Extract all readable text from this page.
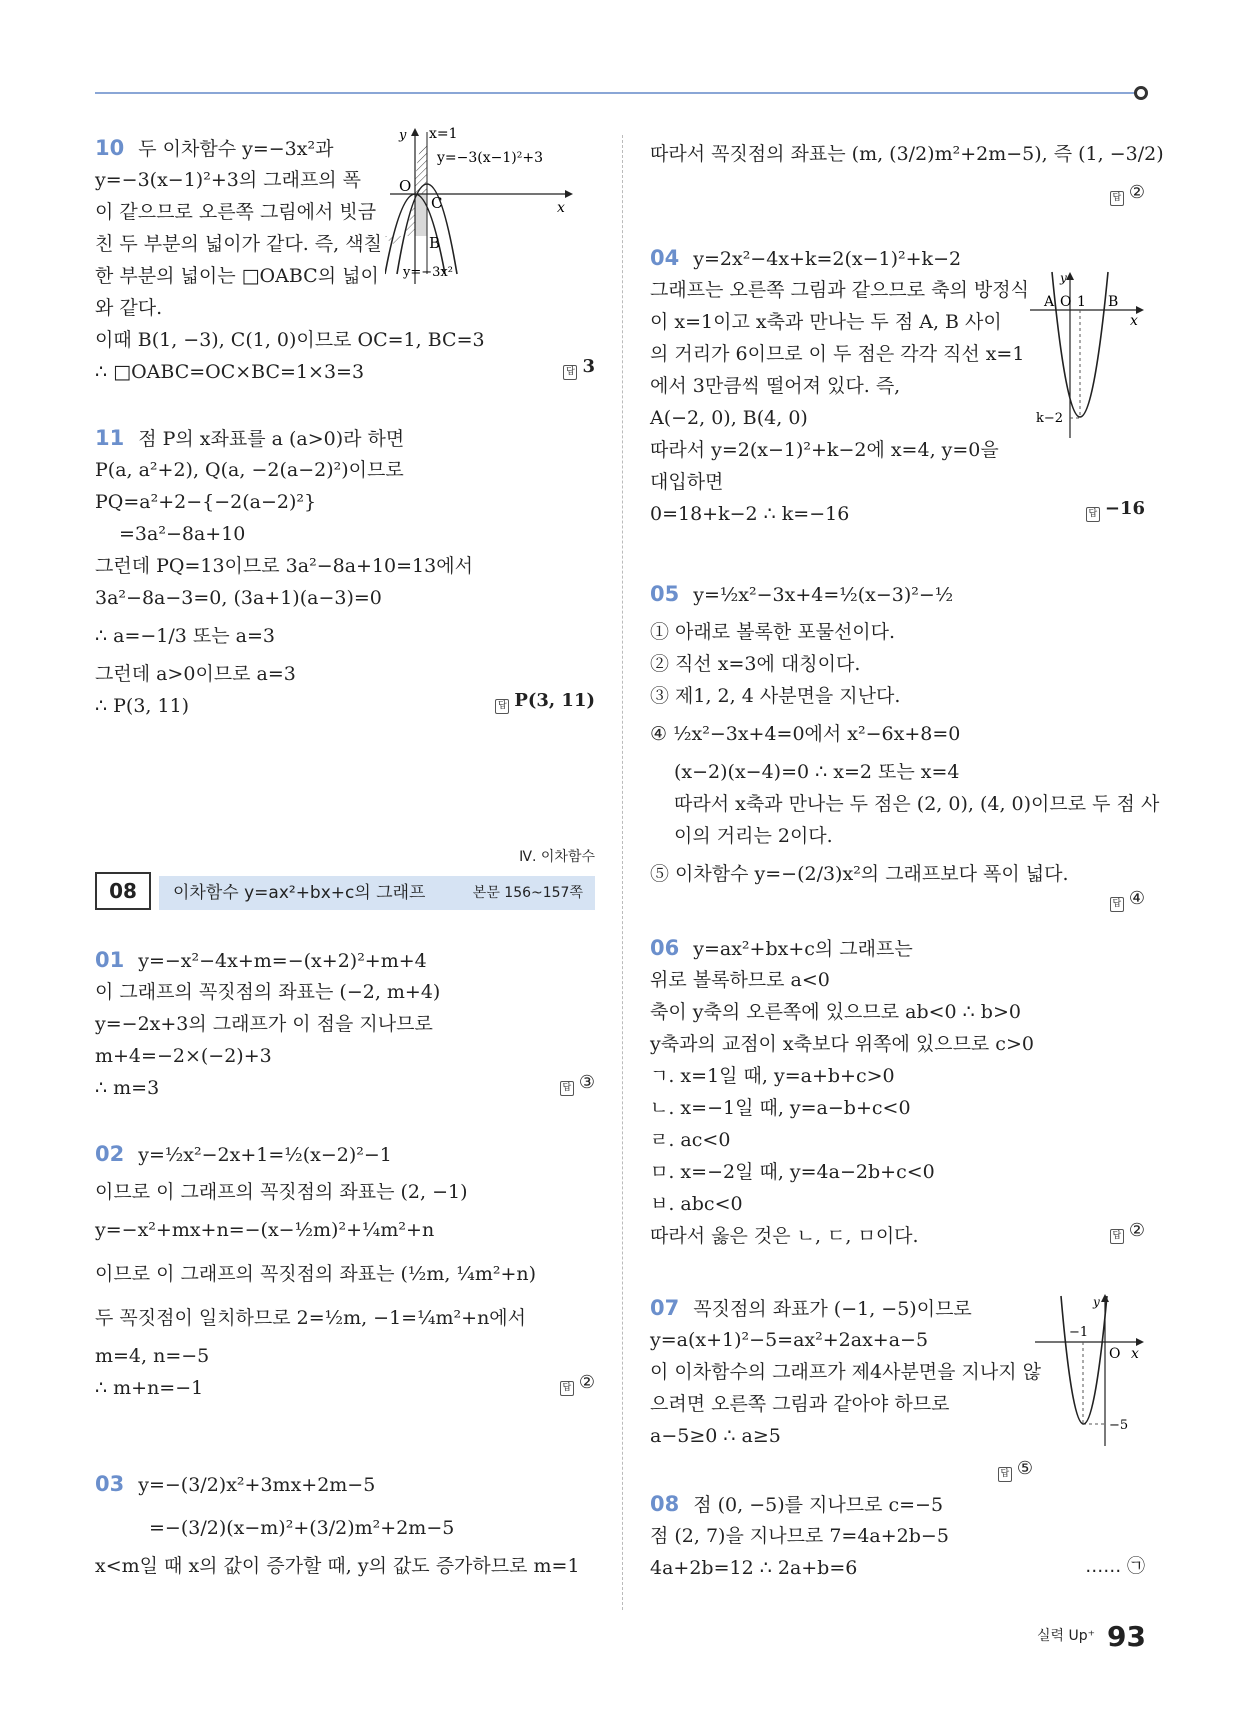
10 두 이차함수 y=−3x²과
y=−3(x−1)²+3의 그래프의 폭
이 같으므로 오른쪽 그림에서 빗금
친 두 부분의 넓이가 같다. 즉, 색칠
한 부분의 넓이는 □OABC의 넓이
와 같다.
이때 B(1, −3), C(1, 0)이므로 OC=1, BC=3
∴ □OABC=OC×BC=1×3=3	답 3
y x=1
y=−3(x−1)²+3
O
C	x
B
y=−3x²
11 점 P의 x좌표를 a (a>0)라 하면
P(a, a²+2), Q(a, −2(a−2)²)이므로
PQ=a²+2−{−2(a−2)²}
=3a²−8a+10
그런데 PQ=13이므로 3a²−8a+10=13에서
3a²−8a−3=0, (3a+1)(a−3)=0
∴ a=−1/3 또는 a=3
그런데 a>0이므로 a=3
∴ P(3, 11)	답 P(3, 11)
Ⅳ. 이차함수
08	이차함수 y=ax²+bx+c의 그래프	본문 156~157쪽
01 y=−x²−4x+m=−(x+2)²+m+4
이 그래프의 꼭짓점의 좌표는 (−2, m+4)
y=−2x+3의 그래프가 이 점을 지나므로
m+4=−2×(−2)+3
∴ m=3	답 ③
02 y=½x²−2x+1=½(x−2)²−1
이므로 이 그래프의 꼭짓점의 좌표는 (2, −1)
y=−x²+mx+n=−(x−½m)²+¼m²+n
이므로 이 그래프의 꼭짓점의 좌표는 (½m, ¼m²+n)
두 꼭짓점이 일치하므로 2=½m, −1=¼m²+n에서
m=4, n=−5
∴ m+n=−1	답 ②
03 y=−(3/2)x²+3mx+2m−5
=−(3/2)(x−m)²+(3/2)m²+2m−5
x<m일 때 x의 값이 증가할 때, y의 값도 증가하므로 m=1
따라서 꼭짓점의 좌표는 (m, (3/2)m²+2m−5), 즉 (1, −3/2)
답 ②
04 y=2x²−4x+k=2(x−1)²+k−2
그래프는 오른쪽 그림과 같으므로 축의 방정식
이 x=1이고 x축과 만나는 두 점 A, B 사이
의 거리가 6이므로 이 두 점은 각각 직선 x=1
에서 3만큼씩 떨어져 있다. 즉,
A(−2, 0), B(4, 0)
따라서 y=2(x−1)²+k−2에 x=4, y=0을
대입하면
0=18+k−2 ∴ k=−16	답 −16
y
A O 1 B
x
k−2
05 y=½x²−3x+4=½(x−3)²−½
① 아래로 볼록한 포물선이다.
② 직선 x=3에 대칭이다.
③ 제1, 2, 4 사분면을 지난다.
④ ½x²−3x+4=0에서 x²−6x+8=0
(x−2)(x−4)=0 ∴ x=2 또는 x=4
따라서 x축과 만나는 두 점은 (2, 0), (4, 0)이므로 두 점 사
이의 거리는 2이다.
⑤ 이차함수 y=−(2/3)x²의 그래프보다 폭이 넓다.
답 ④
06 y=ax²+bx+c의 그래프는
위로 볼록하므로 a<0
축이 y축의 오른쪽에 있으므로 ab<0 ∴ b>0
y축과의 교점이 x축보다 위쪽에 있으므로 c>0
ㄱ. x=1일 때, y=a+b+c>0
ㄴ. x=−1일 때, y=a−b+c<0
ㄹ. ac<0
ㅁ. x=−2일 때, y=4a−2b+c<0
ㅂ. abc<0
따라서 옳은 것은 ㄴ, ㄷ, ㅁ이다.	답 ②
07 꼭짓점의 좌표가 (−1, −5)이므로
y=a(x+1)²−5=ax²+2ax+a−5
이 이차함수의 그래프가 제4사분면을 지나지 않
으려면 오른쪽 그림과 같아야 하므로
a−5≥0 ∴ a≥5
답 ⑤
y
−1
O x
−5
08 점 (0, −5)를 지나므로 c=−5
점 (2, 7)을 지나므로 7=4a+2b−5
4a+2b=12 ∴ 2a+b=6	…… ㉠
$^{실력 Up^+}$ 93
